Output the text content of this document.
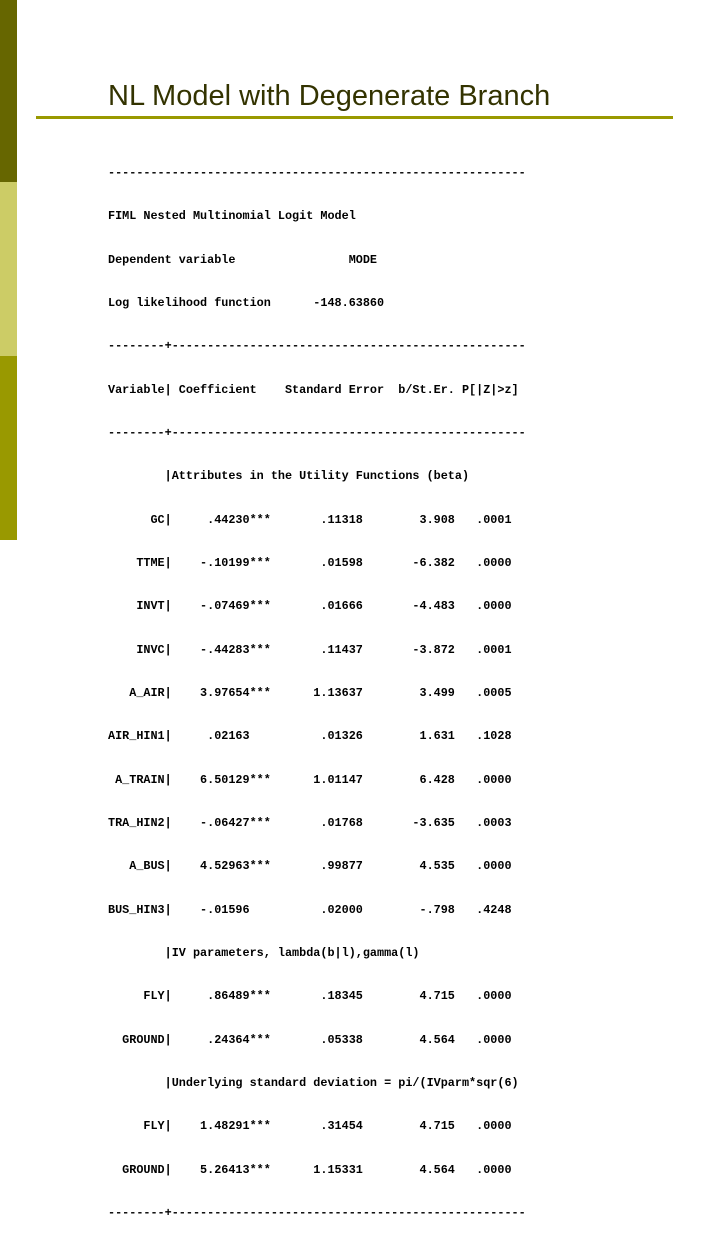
NL Model with Degenerate Branch

-----------------------------------------------------------

FIML Nested Multinomial Logit Model

Dependent variable                MODE

Log likelihood function      -148.63860

--------+--------------------------------------------------

Variable| Coefficient    Standard Error  b/St.Er. P[|Z|>z]

--------+--------------------------------------------------

|Attributes in the Utility Functions (beta)

GC|     .44230***       .11318        3.908   .0001

TTME|    -.10199***       .01598       -6.382   .0000

INVT|    -.07469***       .01666       -4.483   .0000

INVC|    -.44283***       .11437       -3.872   .0001

A_AIR|    3.97654***      1.13637        3.499   .0005

AIR_HIN1|     .02163          .01326        1.631   .1028

A_TRAIN|    6.50129***      1.01147        6.428   .0000

TRA_HIN2|    -.06427***       .01768       -3.635   .0003

A_BUS|    4.52963***       .99877        4.535   .0000

BUS_HIN3|    -.01596          .02000        -.798   .4248

|IV parameters, lambda(b|l),gamma(l)

FLY|     .86489***       .18345        4.715   .0000

GROUND|     .24364***       .05338        4.564   .0000

|Underlying standard deviation = pi/(IVparm*sqr(6)

FLY|    1.48291***       .31454        4.715   .0000

GROUND|    5.26413***      1.15331        4.564   .0000

--------+--------------------------------------------------
